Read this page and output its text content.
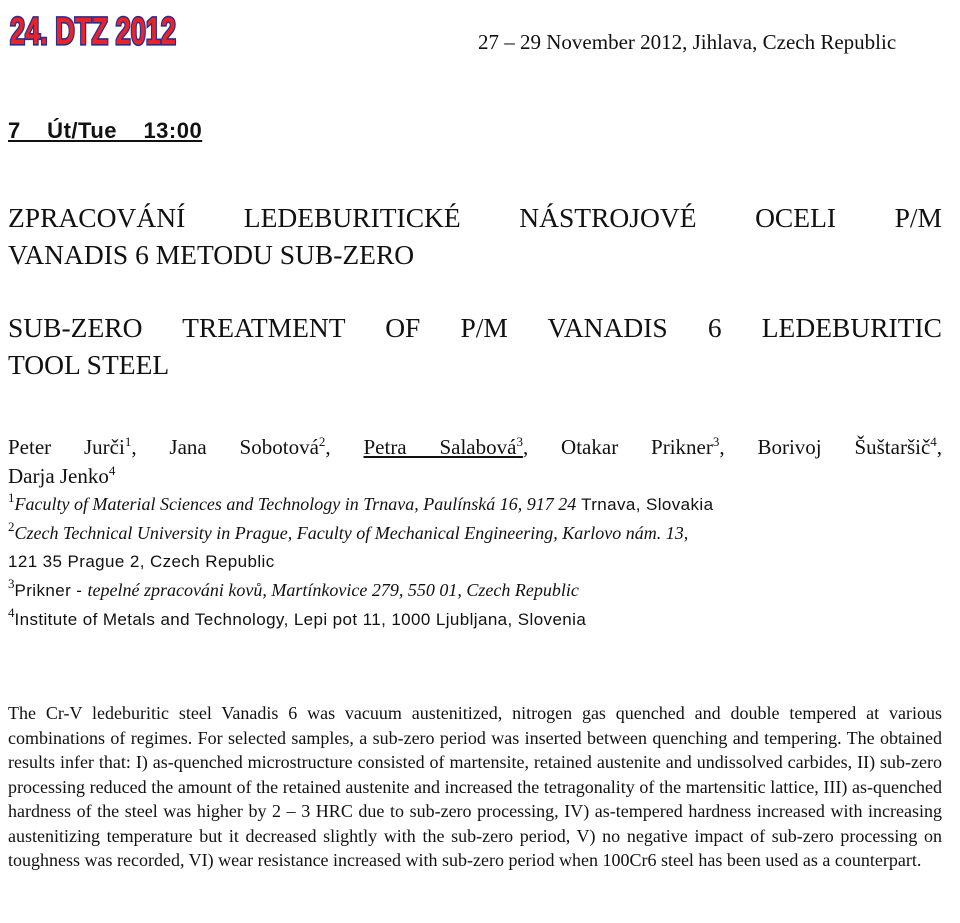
24. DTZ 2012	27 – 29 November 2012, Jihlava, Czech Republic
7    Út/Tue    13:00
ZPRACOVÁNÍ LEDEBURITICKÉ NÁSTROJOVÉ OCELI P/M
VANADIS 6 METODU SUB-ZERO
SUB-ZERO TREATMENT OF P/M VANADIS 6 LEDEBURITIC
TOOL STEEL
Peter Jurči$^1$, Jana Sobotová$^2$, Petra Salabová$^3$, Otakar Prikner$^3$, Borivoj Šuštaršič$^4$,
Darja Jenko$^4$
$^1$Faculty of Material Sciences and Technology in Trnava, Paulínská 16, 917 24 Trnava, Slovakia
$^2$Czech Technical University in Prague, Faculty of Mechanical Engineering, Karlovo nám. 13,
121 35 Prague 2, Czech Republic
$^3$Prikner - tepelné zpracováni kovů, Martínkovice 279, 550 01, Czech Republic
$^4$Institute of Metals and Technology, Lepi pot 11, 1000 Ljubljana, Slovenia
The Cr-V ledeburitic steel Vanadis 6 was vacuum austenitized, nitrogen gas quenched and double tempered at various combinations of regimes. For selected samples, a sub-zero period was inserted between quenching and tempering. The obtained results infer that: I) as-quenched microstructure consisted of martensite, retained austenite and undissolved carbides, II) sub-zero processing reduced the amount of the retained austenite and increased the tetragonality of the martensitic lattice, III) as-quenched hardness of the steel was higher by 2 – 3 HRC due to sub-zero processing, IV) as-tempered hardness increased with increasing austenitizing temperature but it decreased slightly with the sub-zero period, V) no negative impact of sub-zero processing on toughness was recorded, VI) wear resistance increased with sub-zero period when 100Cr6 steel has been used as a counterpart.
